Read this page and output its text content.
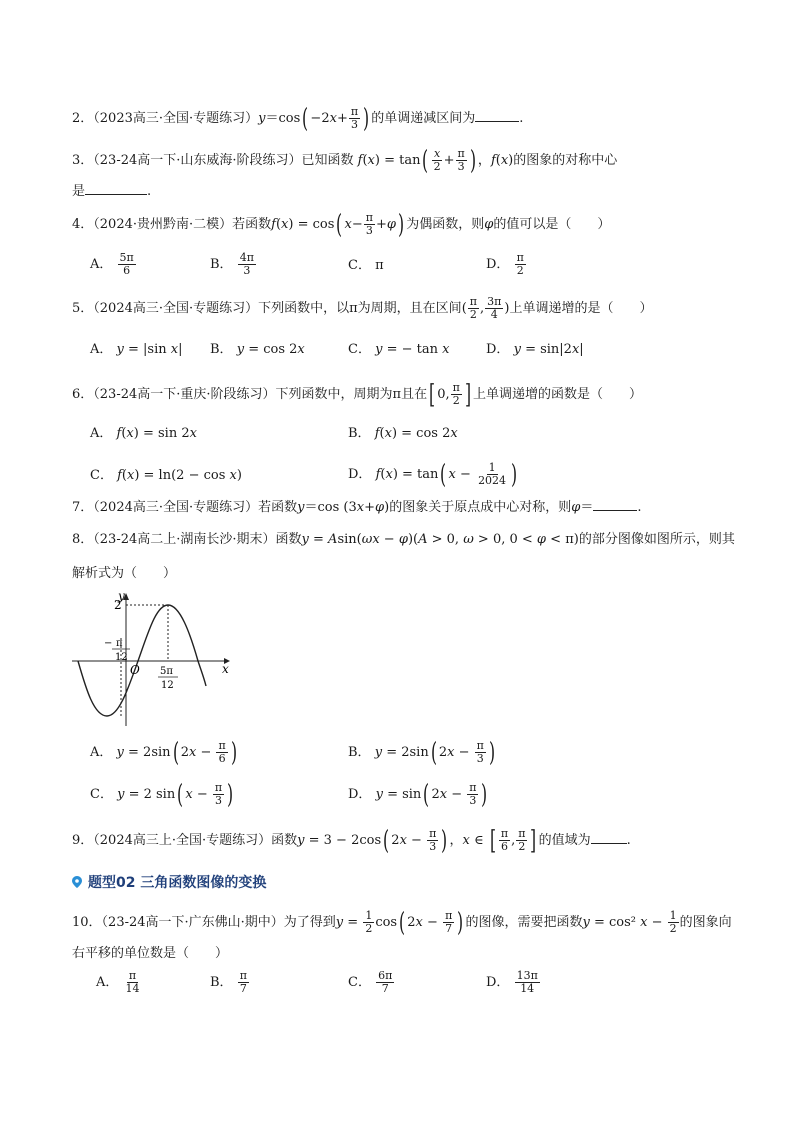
2．（2023高三·全国·专题练习）$y=\cos( -2x+ \frac{\pi}{3}$ ) 的单调递减区间为	.
3．（23-24高一下·山东威海·阶段练习）已知函数 $f(x) = \tan( \frac{x}{2} + \frac{\pi}{3}$ ) ，f(x)的图象的对称中心
是	.
4．（2024·贵州黔南·二模）若函数f(x) = cos( $x- \frac{\pi}{3} +\varphi$) 为偶函数，则φ的值可以是（　　）
A． $\frac{5\pi}{6}$	B． $\frac{4\pi}{3}$	C． π	D． $\frac{\pi}{2}$
5．（2024高三·全国·专题练习）下列函数中，以π为周期，且在区间( $\frac{\pi}{2}$ , $\frac{3\pi}{4}$ )上单调递增的是（　　）
A． y = |sin x| B． y = cos 2x	C． y = − tan x	D． y = sin|2x|
6．（23-24高一下·重庆·阶段练习）下列函数中，周期为π且在[ 0, $\frac{\pi}{2}$ ] 上单调递增的函数是（　　）
A． f(x) = sin 2x	B． f(x) = cos 2x
C． f(x) = ln(2 − cos x)	D． f(x) = tan( $x - \frac{1}{2024}$ )
7．（2024高三·全国·专题练习）若函数y＝cos (3x+φ)的图象关于原点成中心对称，则φ＝	.
8．（23-24高二上·湖南长沙·期末）函数y = Asin(ωx − φ)(A > 0, ω > 0, 0 < φ < π)的部分图像如图所示，则其
解析式为（　　）
y
x
2
O
− π
12
5π
12
A． y = 2sin( $2x - \frac{\pi}{6}$ )	B． y = 2sin( $2x - \frac{\pi}{3}$ )
C． y = 2 sin( $x - \frac{\pi}{3}$ )	D． y = sin( $2x - \frac{\pi}{3}$ )
9．（2024高三上·全国·专题练习）函数y = 3 − 2cos( $2x - \frac{\pi}{3}$ ) ，x ∈ [ $\frac{\pi}{6}$ , $\frac{\pi}{2}$ ] 的值域为	.
题型02 三角函数图像的变换
10．（23-24高一下·广东佛山·期中）为了得到$y = \frac{1}{2} \cos$( $2x - \frac{\pi}{7}$ ) 的图像，需要把函数y = cos² $x - \frac{1}{2}$ 的图象向
右平移的单位数是（　　）
A． $\frac{\pi}{14}$	B． $\frac{\pi}{7}$	C． $\frac{6\pi}{7}$	D． $\frac{13\pi}{14}$
